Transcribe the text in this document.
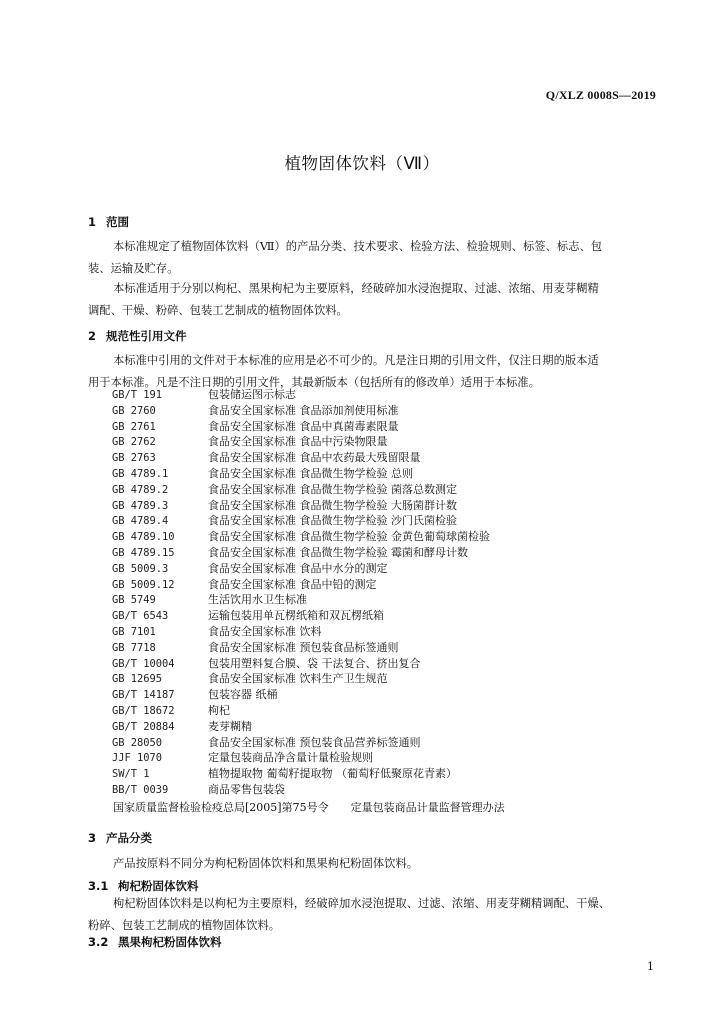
Q/XLZ 0008S—2019
植物固体饮料（Ⅶ）
1 范围
本标准规定了植物固体饮料（Ⅶ）的产品分类、技术要求、检验方法、检验规则、标签、标志、包
装、运输及贮存。
本标准适用于分别以枸杞、黑果枸杞为主要原料，经破碎加水浸泡提取、过滤、浓缩、用麦芽糊精
调配、干燥、粉碎、包装工艺制成的植物固体饮料。
2 规范性引用文件
本标准中引用的文件对于本标准的应用是必不可少的。凡是注日期的引用文件，仅注日期的版本适
用于本标准。凡是不注日期的引用文件，其最新版本（包括所有的修改单）适用于本标准。
GB/T 191	包装储运图示标志
GB 2760	食品安全国家标准 食品添加剂使用标准
GB 2761	食品安全国家标准 食品中真菌毒素限量
GB 2762	食品安全国家标准 食品中污染物限量
GB 2763	食品安全国家标准 食品中农药最大残留限量
GB 4789.1	食品安全国家标准 食品微生物学检验 总则
GB 4789.2	食品安全国家标准 食品微生物学检验 菌落总数测定
GB 4789.3	食品安全国家标准 食品微生物学检验 大肠菌群计数
GB 4789.4	食品安全国家标准 食品微生物学检验 沙门氏菌检验
GB 4789.10	食品安全国家标准 食品微生物学检验 金黄色葡萄球菌检验
GB 4789.15	食品安全国家标准 食品微生物学检验 霉菌和酵母计数
GB 5009.3	食品安全国家标准 食品中水分的测定
GB 5009.12	食品安全国家标准 食品中铅的测定
GB 5749	生活饮用水卫生标准
GB/T 6543	运输包装用单瓦楞纸箱和双瓦楞纸箱
GB 7101	食品安全国家标准 饮料
GB 7718	食品安全国家标准 预包装食品标签通则
GB/T 10004	包装用塑料复合膜、袋 干法复合、挤出复合
GB 12695	食品安全国家标准 饮料生产卫生规范
GB/T 14187	包装容器 纸桶
GB/T 18672	枸杞
GB/T 20884	麦芽糊精
GB 28050	食品安全国家标准 预包装食品营养标签通则
JJF 1070	定量包装商品净含量计量检验规则
SW/T 1	植物提取物 葡萄籽提取物 （葡萄籽低聚原花青素）
BB/T 0039	商品零售包装袋
国家质量监督检验检疫总局[2005]第75号令 定量包装商品计量监督管理办法
3 产品分类
产品按原料不同分为枸杞粉固体饮料和黑果枸杞粉固体饮料。
3.1 枸杞粉固体饮料
枸杞粉固体饮料是以枸杞为主要原料，经破碎加水浸泡提取、过滤、浓缩、用麦芽糊精调配、干燥、
粉碎、包装工艺制成的植物固体饮料。
3.2 黑果枸杞粉固体饮料
1
